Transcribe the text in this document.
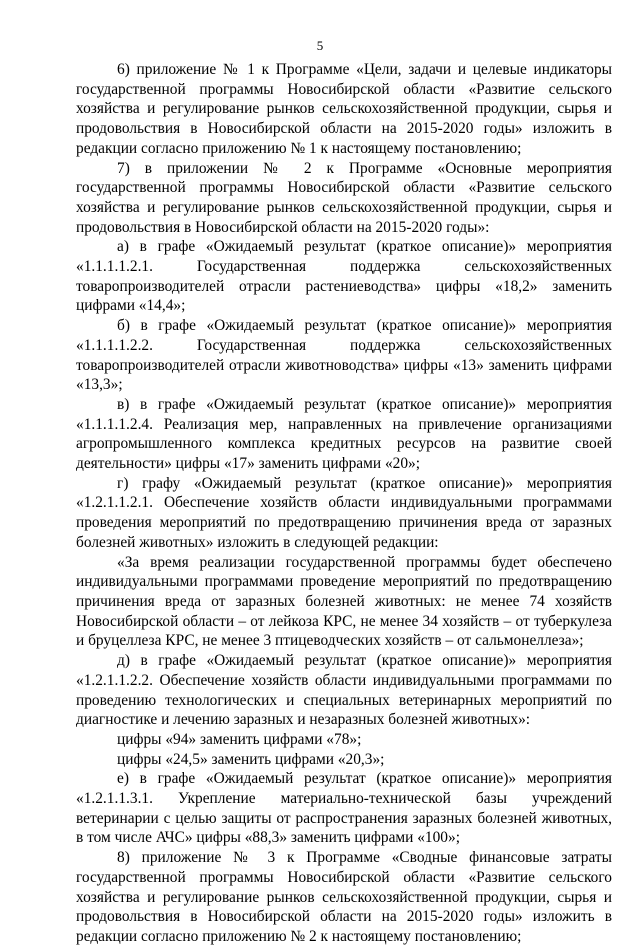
5

6) приложение № 1 к Программе «Цели, задачи и целевые индикаторы государственной программы Новосибирской области «Развитие сельского хозяйства и регулирование рынков сельскохозяйственной продукции, сырья и продовольствия в Новосибирской области на 2015-2020 годы» изложить в редакции согласно приложению № 1 к настоящему постановлению;

7) в приложении № 2 к Программе «Основные мероприятия государственной программы Новосибирской области «Развитие сельского хозяйства и регулирование рынков сельскохозяйственной продукции, сырья и продовольствия в Новосибирской области на 2015-2020 годы»:

а) в графе «Ожидаемый результат (краткое описание)» мероприятия «1.1.1.1.2.1. Государственная поддержка сельскохозяйственных товаропроизводителей отрасли растениеводства» цифры «18,2» заменить цифрами «14,4»;

б) в графе «Ожидаемый результат (краткое описание)» мероприятия «1.1.1.1.2.2. Государственная поддержка сельскохозяйственных товаропроизводителей отрасли животноводства» цифры «13» заменить цифрами «13,3»;

в) в графе «Ожидаемый результат (краткое описание)» мероприятия «1.1.1.1.2.4. Реализация мер, направленных на привлечение организациями агропромышленного комплекса кредитных ресурсов на развитие своей деятельности» цифры «17» заменить цифрами «20»;

г) графу «Ожидаемый результат (краткое описание)» мероприятия «1.2.1.1.2.1. Обеспечение хозяйств области индивидуальными программами проведения мероприятий по предотвращению причинения вреда от заразных болезней животных» изложить в следующей редакции:

«За время реализации государственной программы будет обеспечено индивидуальными программами проведение мероприятий по предотвращению причинения вреда от заразных болезней животных: не менее 74 хозяйств Новосибирской области – от лейкоза КРС, не менее 34 хозяйств – от туберкулеза и бруцеллеза КРС, не менее 3 птицеводческих хозяйств – от сальмонеллеза»;

д) в графе «Ожидаемый результат (краткое описание)» мероприятия «1.2.1.1.2.2. Обеспечение хозяйств области индивидуальными программами по проведению технологических и специальных ветеринарных мероприятий по диагностике и лечению заразных и незаразных болезней животных»:

цифры «94» заменить цифрами «78»;

цифры «24,5» заменить цифрами «20,3»;

е) в графе «Ожидаемый результат (краткое описание)» мероприятия «1.2.1.1.3.1. Укрепление материально-технической базы учреждений ветеринарии с целью защиты от распространения заразных болезней животных, в том числе АЧС» цифры «88,3» заменить цифрами «100»;

8) приложение № 3 к Программе «Сводные финансовые затраты государственной программы Новосибирской области «Развитие сельского хозяйства и регулирование рынков сельскохозяйственной продукции, сырья и продовольствия в Новосибирской области на 2015-2020 годы» изложить в редакции согласно приложению № 2 к настоящему постановлению;
